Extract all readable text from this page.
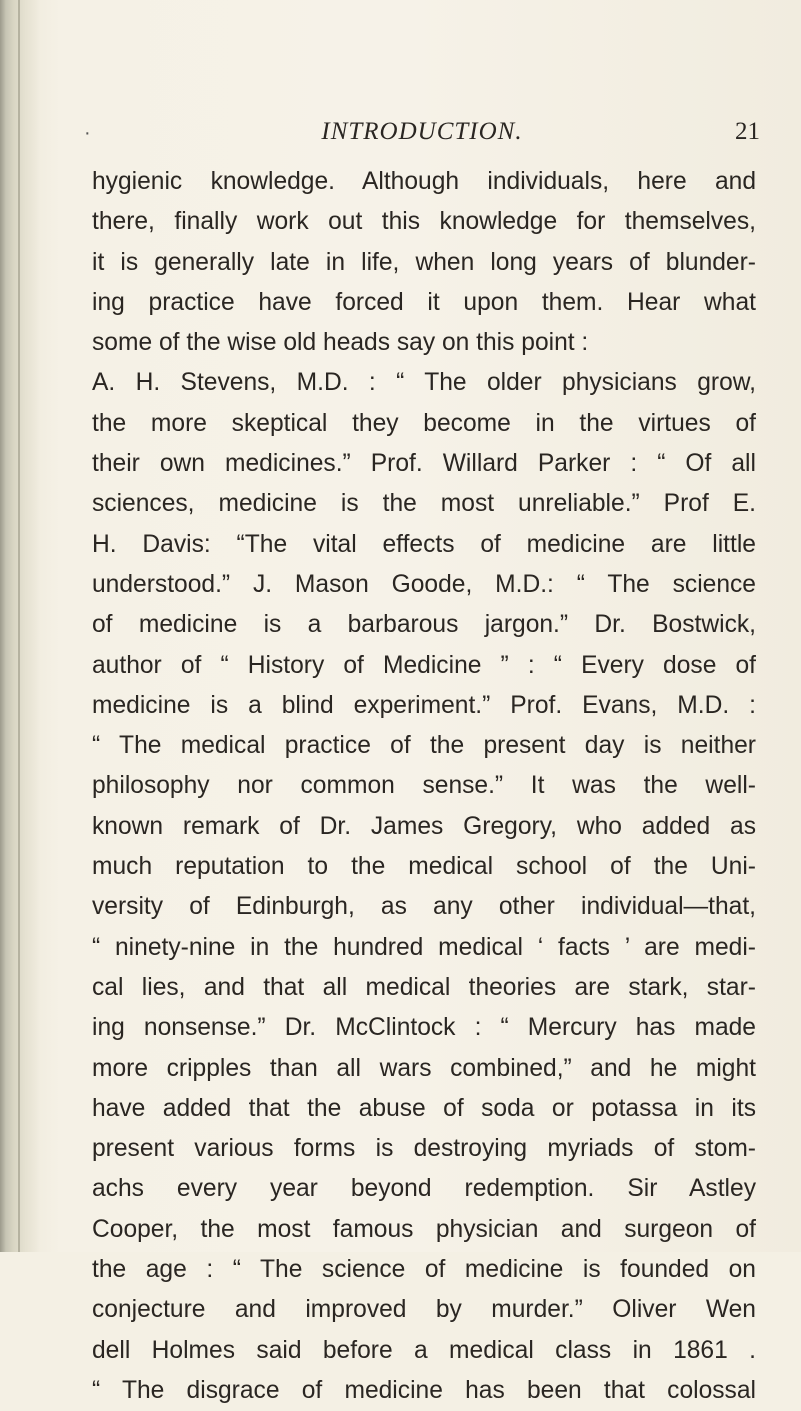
·	INTRODUCTION.	21
hygienic knowledge. Although individuals, here and
there, finally work out this knowledge for themselves,
it is generally late in life, when long years of blunder-
ing practice have forced it upon them. Hear what
some of the wise old heads say on this point :
A. H. Stevens, M.D. : “ The older physicians grow,
the more skeptical they become in the virtues of
their own medicines.” Prof. Willard Parker : “ Of all
sciences, medicine is the most unreliable.” Prof E.
H. Davis: “The vital effects of medicine are little
understood.” J. Mason Goode, M.D.: “ The science
of medicine is a barbarous jargon.” Dr. Bostwick,
author of “ History of Medicine ” : “ Every dose of
medicine is a blind experiment.” Prof. Evans, M.D. :
“ The medical practice of the present day is neither
philosophy nor common sense.” It was the well-
known remark of Dr. James Gregory, who added as
much reputation to the medical school of the Uni-
versity of Edinburgh, as any other individual—that,
“ ninety-nine in the hundred medical ‘ facts ’ are medi-
cal lies, and that all medical theories are stark, star-
ing nonsense.” Dr. McClintock : “ Mercury has made
more cripples than all wars combined,” and he might
have added that the abuse of soda or potassa in its
present various forms is destroying myriads of stom-
achs every year beyond redemption. Sir Astley
Cooper, the most famous physician and surgeon of
the age : “ The science of medicine is founded on
conjecture and improved by murder.” Oliver Wen
dell Holmes said before a medical class in 1861 .
“ The disgrace of medicine has been that colossal
